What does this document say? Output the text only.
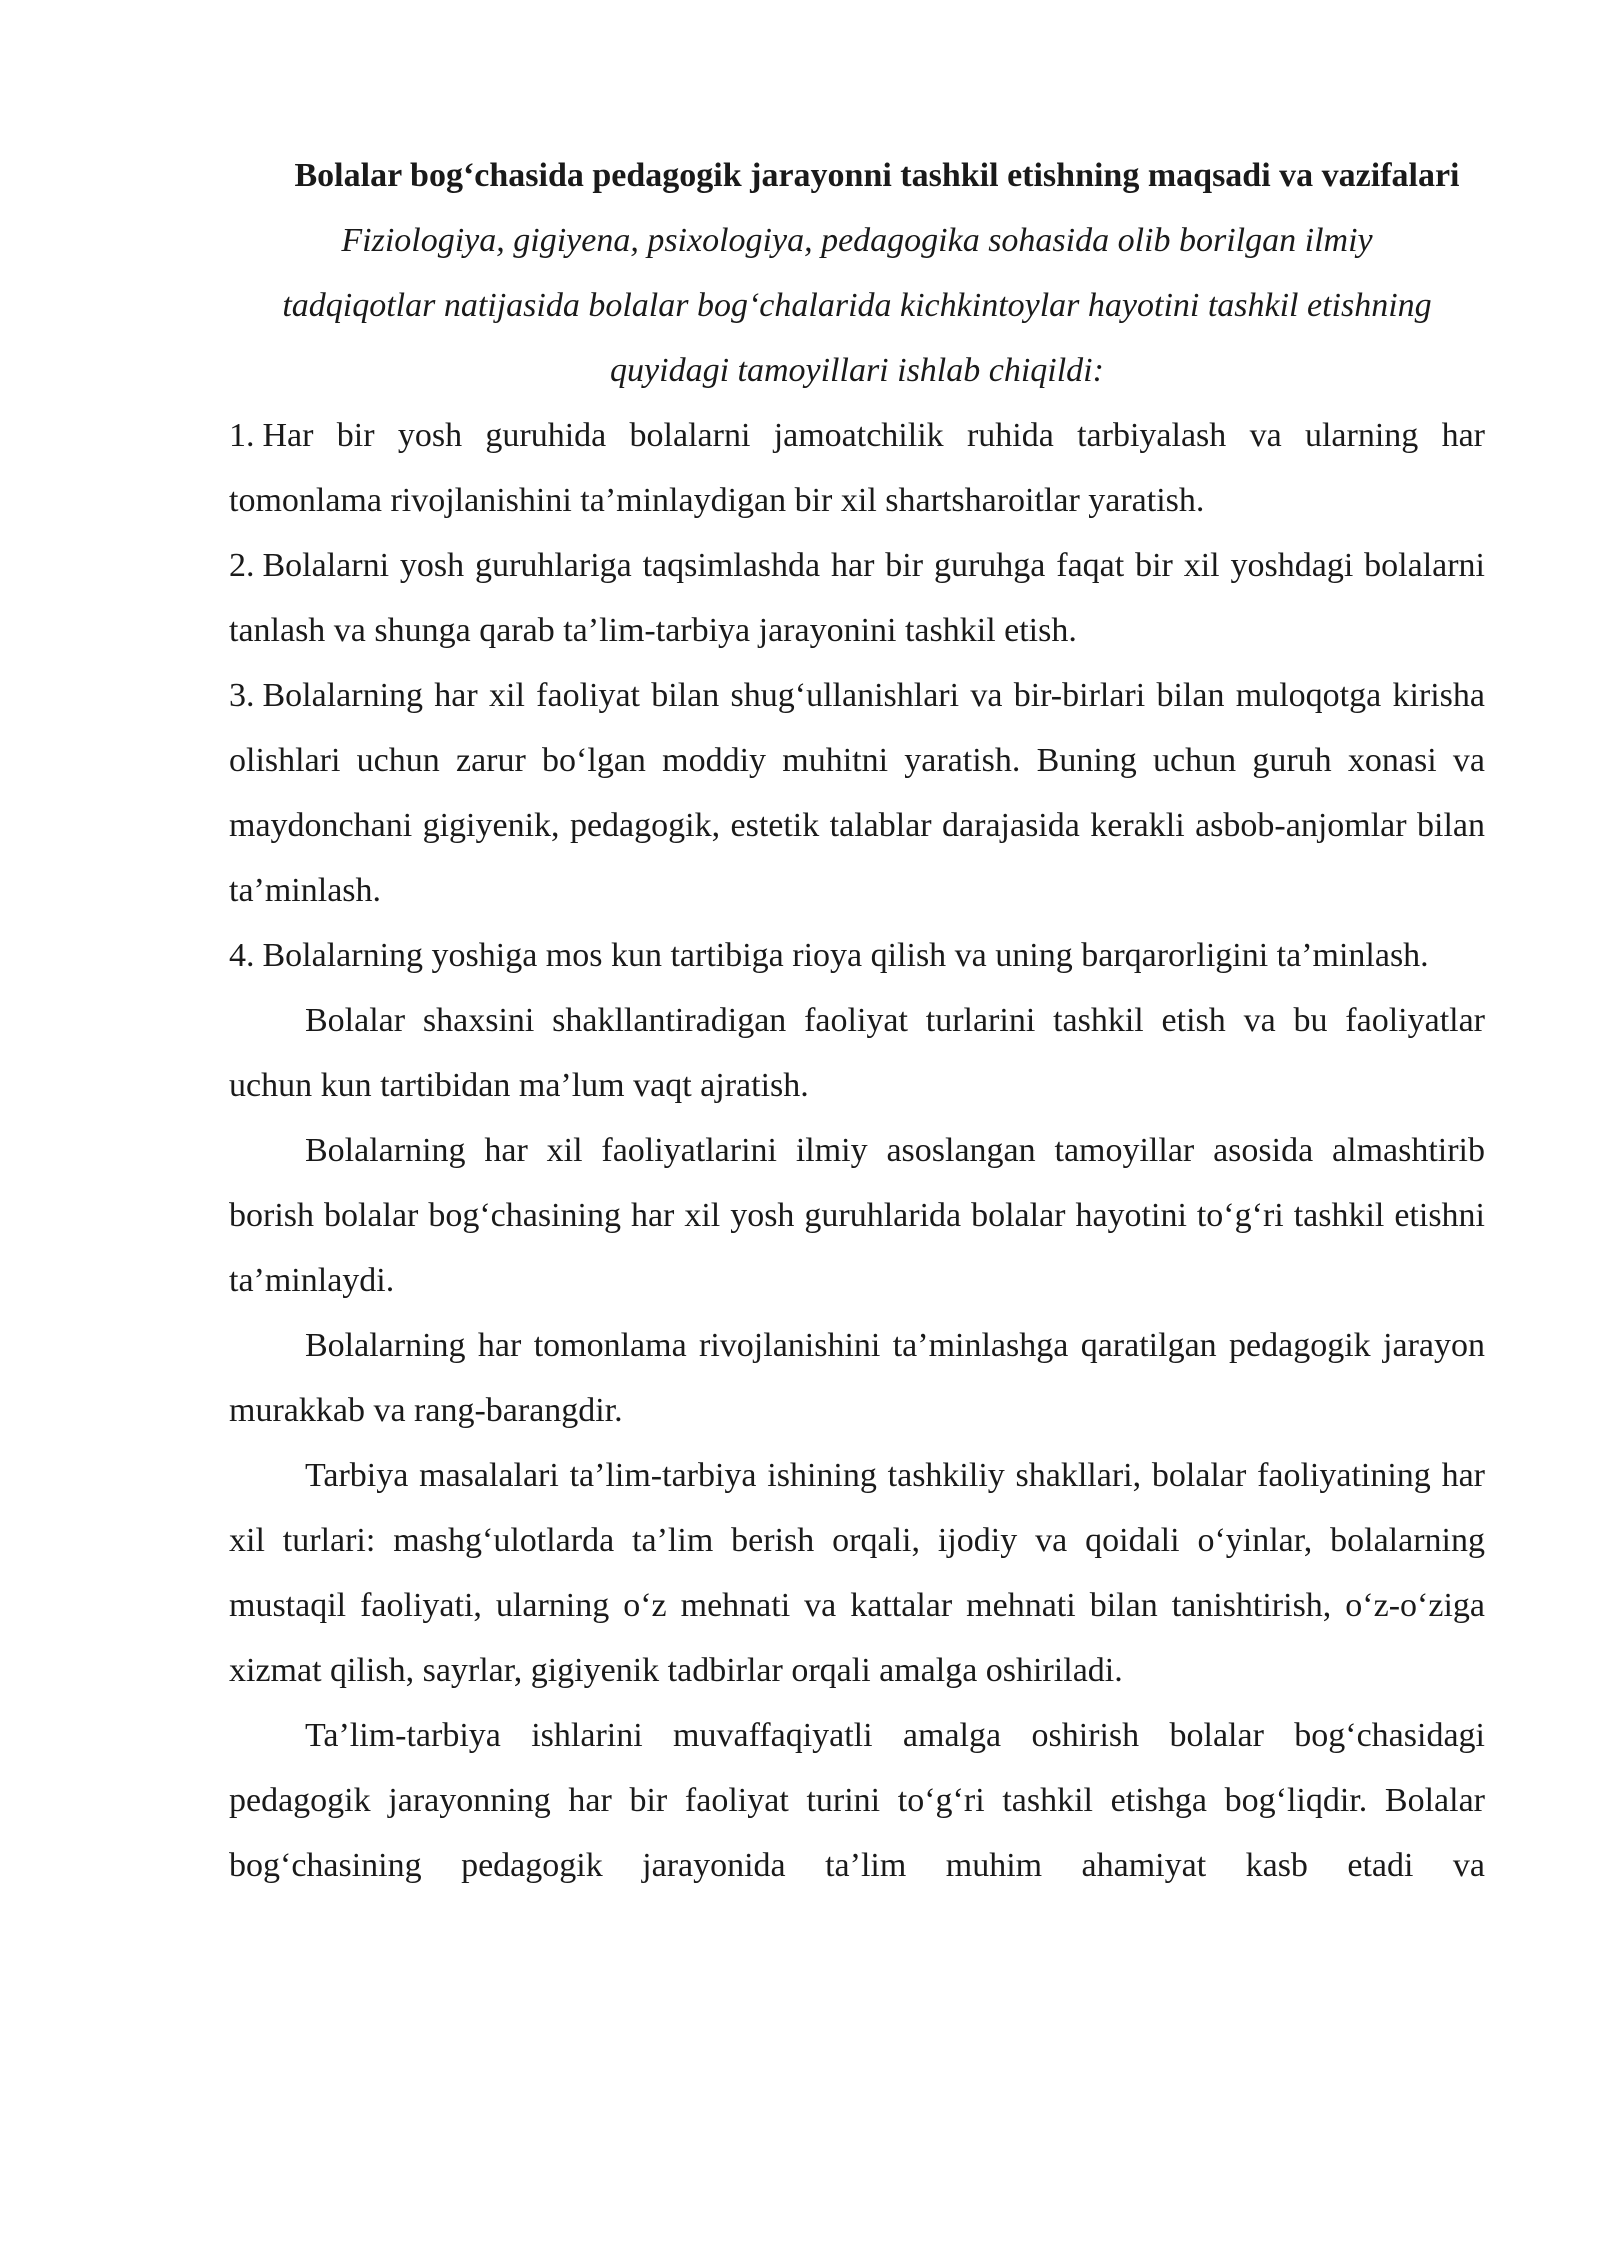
Bolalar bog‘chasida pedagogik jarayonni tashkil etishning maqsadi va vazifalari

Fiziologiya, gigiyena, psixologiya, pedagogika sohasida olib borilgan ilmiy tadqiqotlar natijasida bolalar bog‘chalarida kichkintoylar hayotini tashkil etishning quyidagi tamoyillari ishlab chiqildi:

1. Har bir yosh guruhida bolalarni jamoatchilik ruhida tarbiyalash va ularning har tomonlama rivojlanishini ta’minlaydigan bir xil shartsharoitlar yaratish.

2. Bolalarni yosh guruhlariga taqsimlashda har bir guruhga faqat bir xil yoshdagi bolalarni tanlash va shunga qarab ta’lim-tarbiya jarayonini tashkil etish.

3. Bolalarning har xil faoliyat bilan shug‘ullanishlari va bir-birlari bilan muloqotga kirisha olishlari uchun zarur bo‘lgan moddiy muhitni yaratish. Buning uchun guruh xonasi va maydonchani gigiyenik, pedagogik, estetik talablar darajasida kerakli asbob-anjomlar bilan ta’minlash.

4. Bolalarning yoshiga mos kun tartibiga rioya qilish va uning barqarorligini ta’minlash.

Bolalar shaxsini shakllantiradigan faoliyat turlarini tashkil etish va bu faoliyatlar uchun kun tartibidan ma’lum vaqt ajratish.

Bolalarning har xil faoliyatlarini ilmiy asoslangan tamoyillar asosida almashtirib borish bolalar bog‘chasining har xil yosh guruhlarida bolalar hayotini to‘g‘ri tashkil etishni ta’minlaydi.

Bolalarning har tomonlama rivojlanishini ta’minlashga qaratilgan pedagogik jarayon murakkab va rang-barangdir.

Tarbiya masalalari ta’lim-tarbiya ishining tashkiliy shakllari, bolalar faoliyatining har xil turlari: mashg‘ulotlarda ta’lim berish orqali, ijodiy va qoidali o‘yinlar, bolalarning mustaqil faoliyati, ularning o‘z mehnati va kattalar mehnati bilan tanishtirish, o‘z-o‘ziga xizmat qilish, sayrlar, gigiyenik tadbirlar orqali amalga oshiriladi.

Ta’lim-tarbiya ishlarini muvaffaqiyatli amalga oshirish bolalar bog‘chasidagi pedagogik jarayonning har bir faoliyat turini to‘g‘ri tashkil etishga bog‘liqdir. Bolalar bog‘chasining pedagogik jarayonida ta’lim muhim ahamiyat kasb etadi va
